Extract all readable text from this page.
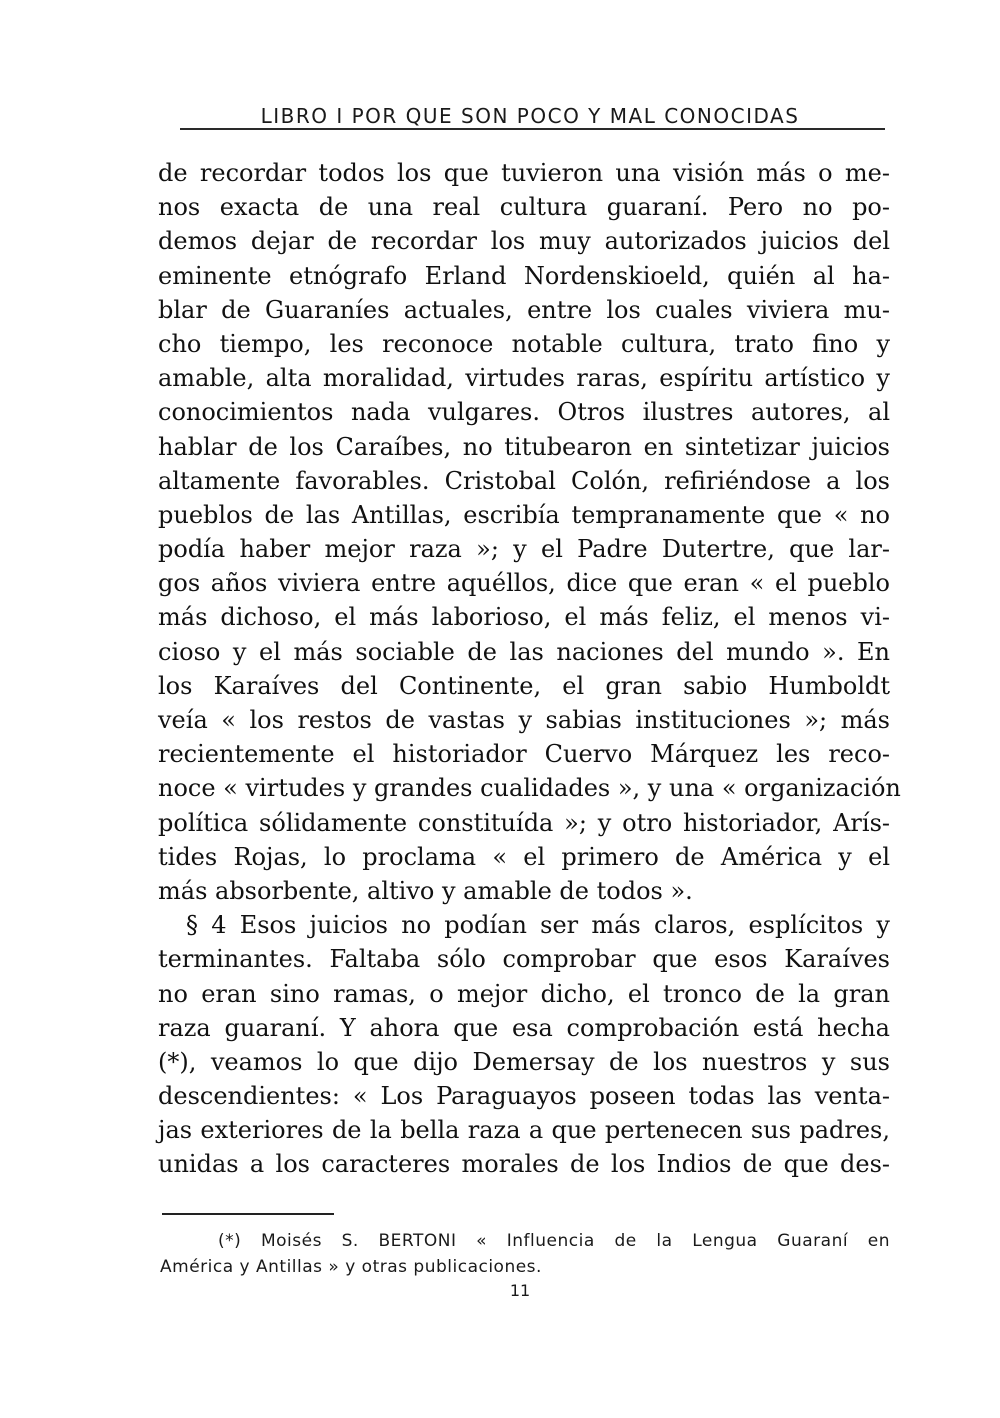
LIBRO I POR QUE SON POCO Y MAL CONOCIDAS
de recordar todos los que tuvieron una visión más o me-
nos exacta de una real cultura guaraní. Pero no po-
demos dejar de recordar los muy autorizados juicios del
eminente etnógrafo Erland Nordenskioeld, quién al ha-
blar de Guaraníes actuales, entre los cuales viviera mu-
cho tiempo, les reconoce notable cultura, trato fino y
amable, alta moralidad, virtudes raras, espíritu artístico y
conocimientos nada vulgares. Otros ilustres autores, al
hablar de los Caraíbes, no titubearon en sintetizar juicios
altamente favorables. Cristobal Colón, refiriéndose a los
pueblos de las Antillas, escribía tempranamente que « no
podía haber mejor raza »; y el Padre Dutertre, que lar-
gos años viviera entre aquéllos, dice que eran « el pueblo
más dichoso, el más laborioso, el más feliz, el menos vi-
cioso y el más sociable de las naciones del mundo ». En
los Karaíves del Continente, el gran sabio Humboldt
veía « los restos de vastas y sabias instituciones »; más
recientemente el historiador Cuervo Márquez les reco-
noce « virtudes y grandes cualidades », y una « organización
política sólidamente constituída »; y otro historiador, Arís-
tides Rojas, lo proclama « el primero de América y el
más absorbente, altivo y amable de todos ».
§ 4 Esos juicios no podían ser más claros, esplícitos y
terminantes. Faltaba sólo comprobar que esos Karaíves
no eran sino ramas, o mejor dicho, el tronco de la gran
raza guaraní. Y ahora que esa comprobación está hecha
(*), veamos lo que dijo Demersay de los nuestros y sus
descendientes: « Los Paraguayos poseen todas las venta-
jas exteriores de la bella raza a que pertenecen sus padres,
unidas a los caracteres morales de los Indios de que des-
(*) Moisés S. BERTONI « Influencia de la Lengua Guaraní en
América y Antillas » y otras publicaciones.
11
